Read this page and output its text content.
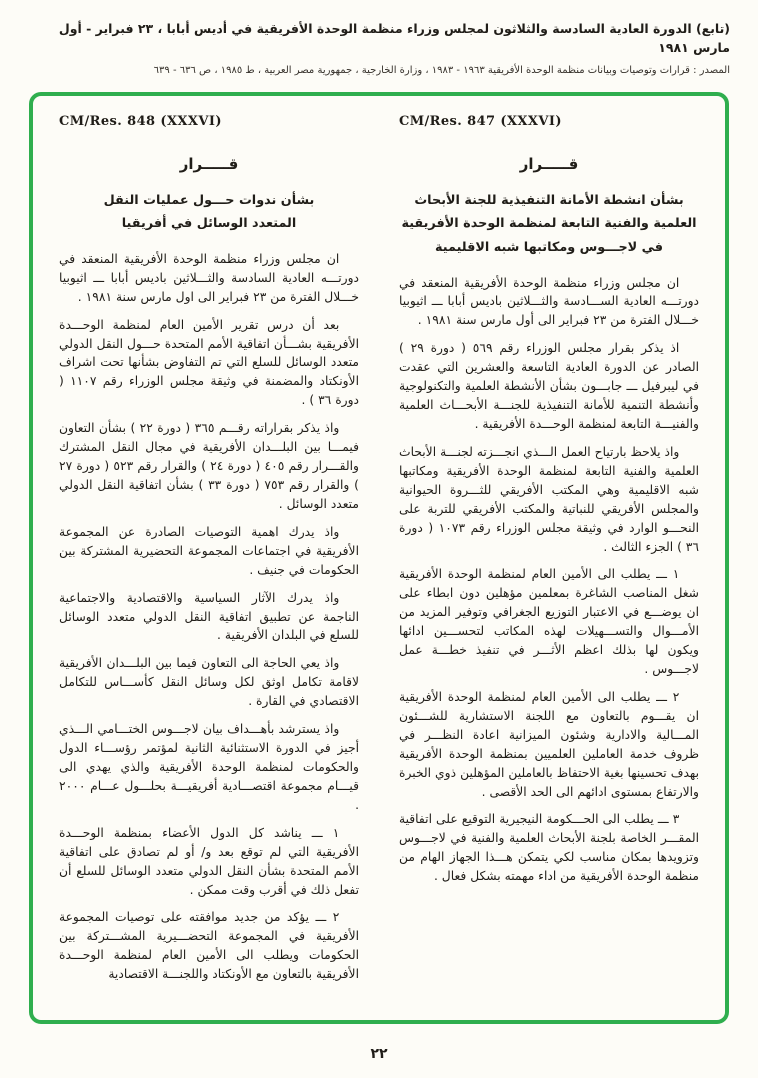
(تابع) الدورة العادية السادسة والثلاثون لمجلس وزراء منظمة الوحدة الأفريقية في أديس أبابا ، ٢٣ فبراير - أول مارس ١٩٨١
المصدر : قرارات وتوصيات وبيانات منظمة الوحدة الأفريقية ١٩٦٣ - ١٩٨٣ ، وزارة الخارجية ، جمهورية مصر العربية ، ط ١٩٨٥ ، ص ٦٣٦ - ٦٣٩
CM/Res. 847 (XXXVI)
قـــــرار
بشأن انشطة الأمانة التنفيذية للجنة الأبحاث
العلمية والفنية التابعة لمنظمة الوحدة الأفريقية
في لاجـــوس ومكاتبها شبه الاقليمية

ان مجلس وزراء منظمة الوحدة الأفريقية المنعقد في دورتـــه العادية الســـادسة والثـــلاثين باديس أبابا ـــ اثيوبيا خـــلال الفترة من ٢٣ فبراير الى أول مارس سنة ١٩٨١ .

اذ يذكر بقرار مجلس الوزراء رقم ٥٦٩ ( دورة ٢٩ ) الصادر عن الدورة العادية التاسعة والعشرين التي عقدت في ليبرفيل ـــ جابـــون بشأن الأنشطة العلمية والتكنولوجية وأنشطة التنمية للأمانة التنفيذية للجنـــة الأبحـــاث العلمية والفنيـــة التابعة لمنظمة الوحـــدة الأفريقية .

واذ يلاحظ بارتياح العمل الـــذي انجـــزته لجنـــة الأبحاث العلمية والفنية التابعة لمنظمة الوحدة الأفريقية ومكاتبها شبه الاقليمية وهي المكتب الأفريقي للثـــروة الحيوانية والمجلس الأفريقي للنباتية والمكتب الأفريقي للتربة على النحـــو الوارد في وثيقة مجلس الوزراء رقم ١٠٧٣ ( دورة ٣٦ ) الجزء الثالث .

١ ـــ يطلب الى الأمين العام لمنظمة الوحدة الأفريقية شغل المناصب الشاغرة بمعلمين مؤهلين دون ابطاء على ان يوضـــع في الاعتبار التوزيع الجغرافي وتوفير المزيد من الأمـــوال والتســـهيلات لهذه المكاتب لتحســـين ادائها ويكون لها بذلك اعظم الأثـــر في تنفيذ خطـــة عمل لاجـــوس .

٢ ـــ يطلب الى الأمين العام لمنظمة الوحدة الأفريقية ان يقـــوم بالتعاون مع اللجنة الاستشارية للشـــئون المـــالية والادارية وشئون الميزانية اعادة النظـــر في ظروف خدمة العاملين العلميين بمنظمة الوحدة الأفريقية بهدف تحسينها بغية الاحتفاظ بالعاملين المؤهلين ذوي الخبرة والارتفاع بمستوى ادائهم الى الحد الأقصى .

٣ ـــ يطلب الى الحـــكومة النيجيرية التوقيع على اتفاقية المقـــر الخاصة بلجنة الأبحاث العلمية والفنية في لاجـــوس وتزويدها بمكان مناسب لكي يتمكن هـــذا الجهاز الهام من منظمة الوحدة الأفريقية من اداء مهمته بشكل فعال .

CM/Res. 848 (XXXVI)
قـــــرار
بشأن ندوات حـــول عمليات النقل
المتعدد الوسائل في أفريقيا

ان مجلس وزراء منظمة الوحدة الأفريقية المنعقد في دورتـــه العادية السادسة والثـــلاثين باديس أبابا ـــ اثيوبيا خـــلال الفترة من ٢٣ فبراير الى اول مارس سنة ١٩٨١ .

بعد أن درس تقرير الأمين العام لمنظمة الوحـــدة الأفريقية بشـــأن اتفاقية الأمم المتحدة حـــول النقل الدولي متعدد الوسائل للسلع التي تم التفاوض بشأنها تحت اشراف الأونكتاد والمضمنة في وثيقة مجلس الوزراء رقم ١١٠٧ ( دورة ٣٦ ) .

واذ يذكر بقراراته رقـــم ٣٦٥ ( دورة ٢٢ ) بشأن التعاون فيمـــا بين البلـــدان الأفريقية في مجال النقل المشترك والقـــرار رقم ٤٠٥ ( دورة ٢٤ ) والقرار رقم ٥٢٣ ( دورة ٢٧ ) والقرار رقم ٧٥٣ ( دورة ٣٣ ) بشأن اتفاقية النقل الدولي متعدد الوسائل .

واذ يدرك اهمية التوصيات الصادرة عن المجموعة الأفريقية في اجتماعات المجموعة التحضيرية المشتركة بين الحكومات في جنيف .

واذ يدرك الآثار السياسية والاقتصادية والاجتماعية الناجمة عن تطبيق اتفاقية النقل الدولي متعدد الوسائل للسلع في البلدان الأفريقية .

واذ يعي الحاجة الى التعاون فيما بين البلـــدان الأفريقية لاقامة تكامل اوثق لكل وسائل النقل كأســـاس للتكامل الاقتصادي في القارة .

واذ يسترشد بأهـــداف بيان لاجـــوس الختـــامي الـــذي أجيز في الدورة الاستثنائية الثانية لمؤتمر رؤســـاء الدول والحكومات لمنظمة الوحدة الأفريقية والذي يهدي الى قيـــام مجموعة اقتصـــادية أفريقيـــة بحلـــول عـــام ٢٠٠٠ .

١ ـــ يناشد كل الدول الأعضاء بمنظمة الوحـــدة الأفريقية التي لم توقع بعد و/ أو لم تصادق على اتفاقية الأمم المتحدة بشأن النقل الدولي متعدد الوسائل للسلع أن تفعل ذلك في أقرب وقت ممكن .

٢ ـــ يؤكد من جديد موافقته على توصيات المجموعة الأفريقية في المجموعة التحضـــيرية المشـــتركة بين الحكومات ويطلب الى الأمين العام لمنظمة الوحـــدة الأفريقية بالتعاون مع الأونكتاد واللجنـــة الاقتصادية

٢٢
